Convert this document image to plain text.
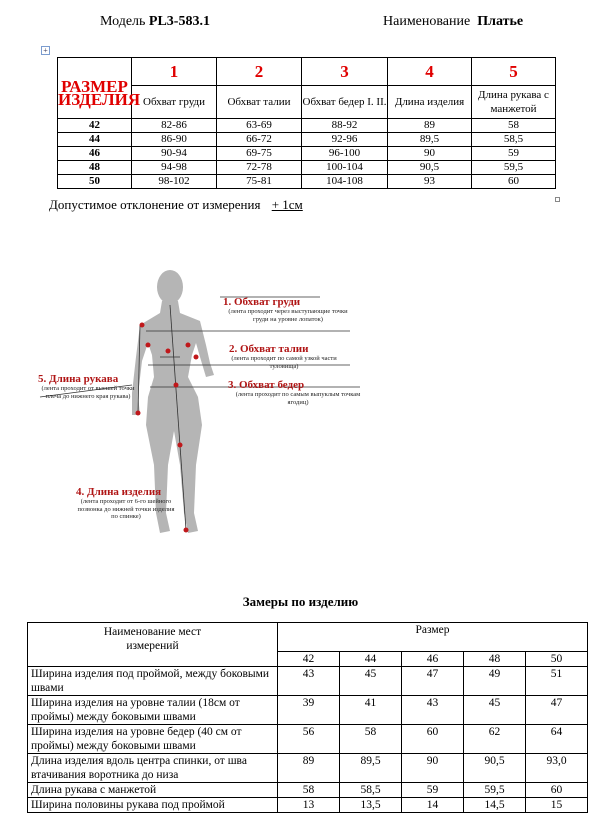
Модель PL3-583.1	Наименование Платье
+
РАЗМЕР ИЗДЕЛИЯ	1	2	3	4	5
	Обхват груди	Обхват талии	Обхват бедер I. II.	Длина изделия	Длина рукава с манжетой
42	82-86	63-69	88-92	89	58
44	86-90	66-72	92-96	89,5	58,5
46	90-94	69-75	96-100	90	59
48	94-98	72-78	100-104	90,5	59,5
50	98-102	75-81	104-108	93	60
Допустимое отклонение от измерения + 1см
1. Обхват груди
(лента проходит через выступающие точки груди на уровне лопаток)
2. Обхват талии
(лента проходит по самой узкой части туловища)
3. Обхват бедер
(лента проходит по самым выпуклым точкам ягодиц)
5. Длина рукава
(лента проходит от высшей точки плеча до нижнего края рукава)
4. Длина изделия
(лента проходит от 6-го шейного позвонка до нижней точки изделия по спинке)
Замеры по изделию
Наименование мест измерений	Размер				
	42	44	46	48	50
Ширина изделия под проймой, между боковыми швами	43	45	47	49	51
Ширина изделия на уровне талии (18см от проймы) между боковыми швами	39	41	43	45	47
Ширина изделия на уровне бедер (40 см от проймы) между боковыми швами	56	58	60	62	64
Длина изделия вдоль центра спинки, от шва втачивания воротника до низа	89	89,5	90	90,5	93,0
Длина рукава с манжетой	58	58,5	59	59,5	60
Ширина половины рукава под проймой	13	13,5	14	14,5	15
